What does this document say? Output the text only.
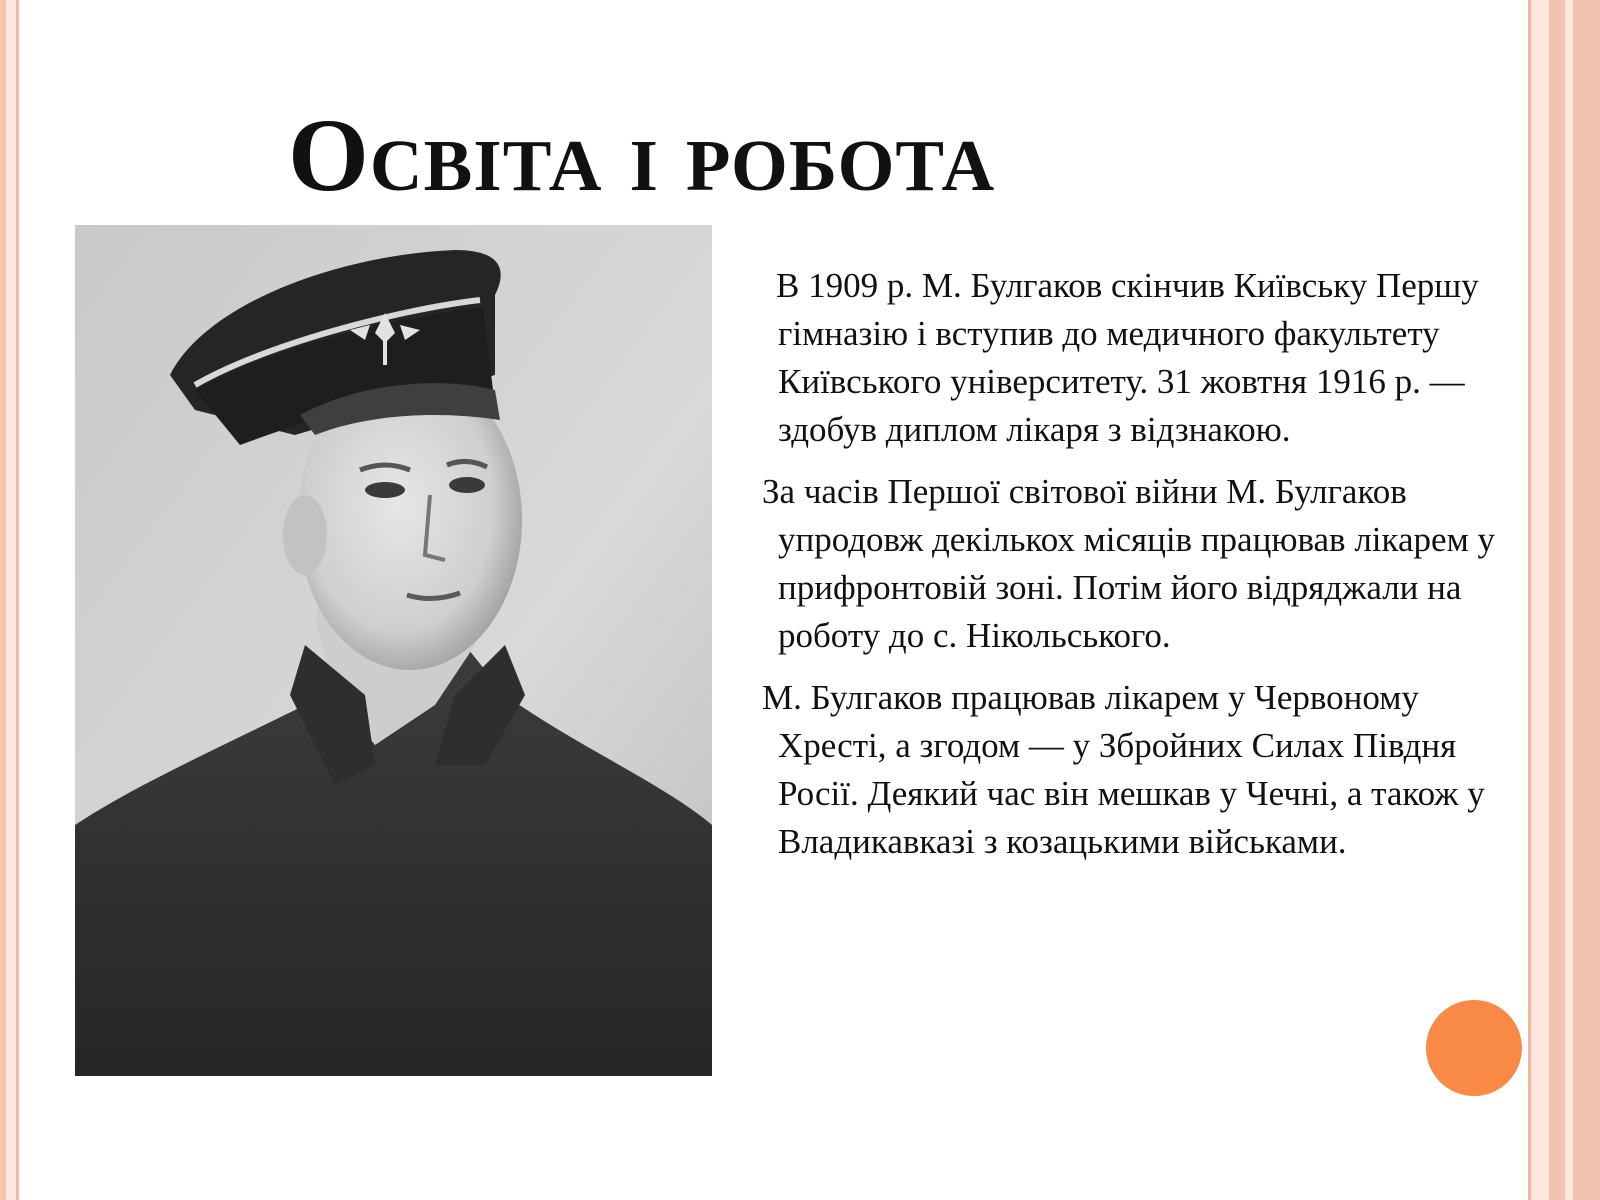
Освіта і робота

В 1909 р. М. Булгаков скінчив Київську Першу гімназію і вступив до медичного факультету Київського університету. 31 жовтня 1916 р. — здобув диплом лікаря з відзнакою.

За часів Першої світової війни М. Булгаков упродовж декількох місяців працював лікарем у прифронтовій зоні. Потім його відряджали на роботу до с. Нікольського.

М. Булгаков працював лікарем у Червоному Хресті, а згодом — у Збройних Силах Півдня Росії. Деякий час він мешкав у Чечні, а також у Владикавказі з козацькими військами.
